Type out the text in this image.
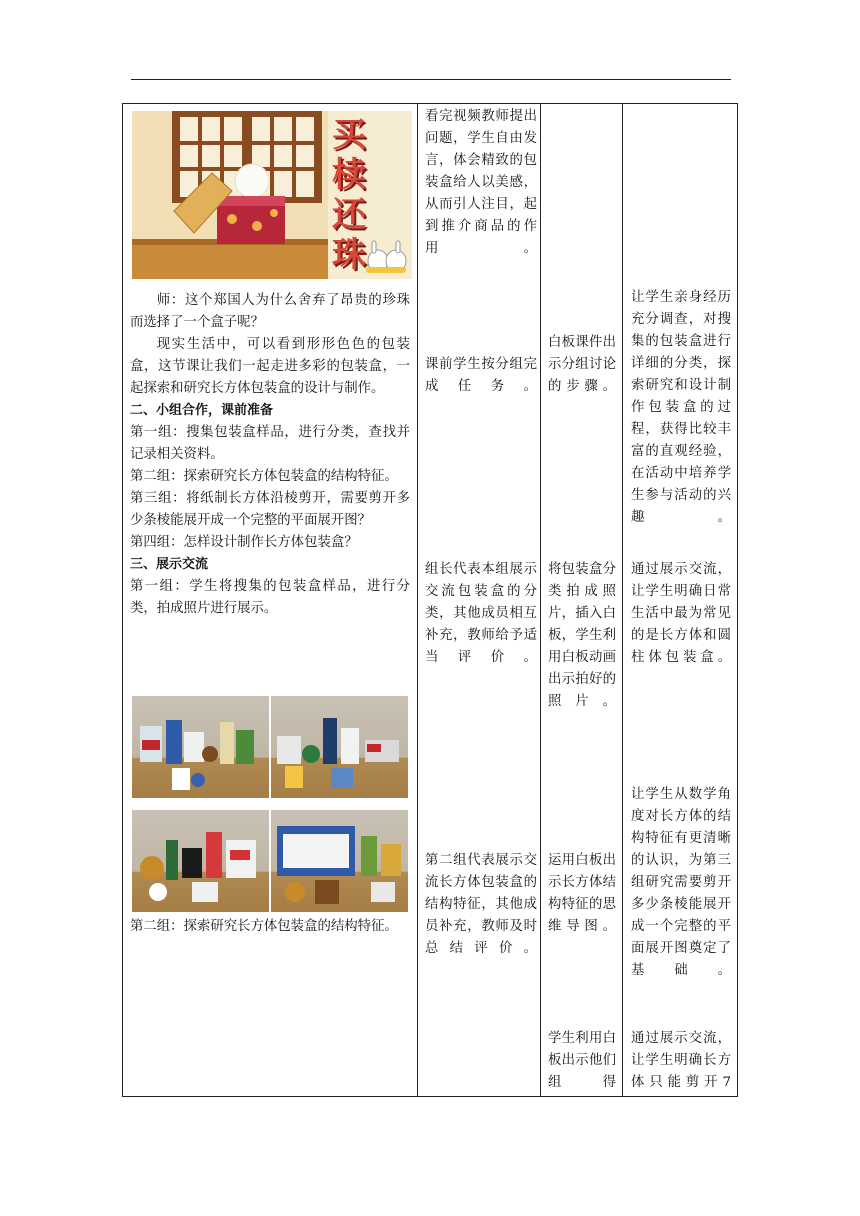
买椟还珠

师：这个郑国人为什么舍弃了昂贵的珍珠而选择了一个盒子呢？

现实生活中，可以看到形形色色的包装盒，这节课让我们一起走进多彩的包装盒，一起探索和研究长方体包装盒的设计与制作。

二、小组合作，课前准备

第一组：搜集包装盒样品，进行分类，查找并记录相关资料。

第二组：探索研究长方体包装盒的结构特征。

第三组：将纸制长方体沿棱剪开，需要剪开多少条棱能展开成一个完整的平面展开图？

第四组：怎样设计制作长方体包装盒？

三、展示交流

第一组：学生将搜集的包装盒样品，进行分类，拍成照片进行展示。

第二组：探索研究长方体包装盒的结构特征。

看完视频教师提出问题，学生自由发言，体会精致的包装盒给人以美感，从而引人注目，起到推介商品的作用。
课前学生按分组完成任务。
组长代表本组展示交流包装盒的分类，其他成员相互补充，教师给予适当评价。
第二组代表展示交流长方体包装盒的结构特征，其他成员补充，教师及时总结评价。
白板课件出示分组讨论的步骤。
将包装盒分类拍成照片，插入白板，学生利用白板动画出示拍好的照片。
运用白板出示长方体结构特征的思维导图。
学生利用白板出示他们组得
让学生亲身经历充分调查，对搜集的包装盒进行详细的分类，探索研究和设计制作包装盒的过程，获得比较丰富的直观经验，在活动中培养学生参与活动的兴趣。
通过展示交流，让学生明确日常生活中最为常见的是长方体和圆柱体包装盒。
让学生从数学角度对长方体的结构特征有更清晰的认识，为第三组研究需要剪开多少条棱能展开成一个完整的平面展开图奠定了基础。
通过展示交流，让学生明确长方体只能剪开7
